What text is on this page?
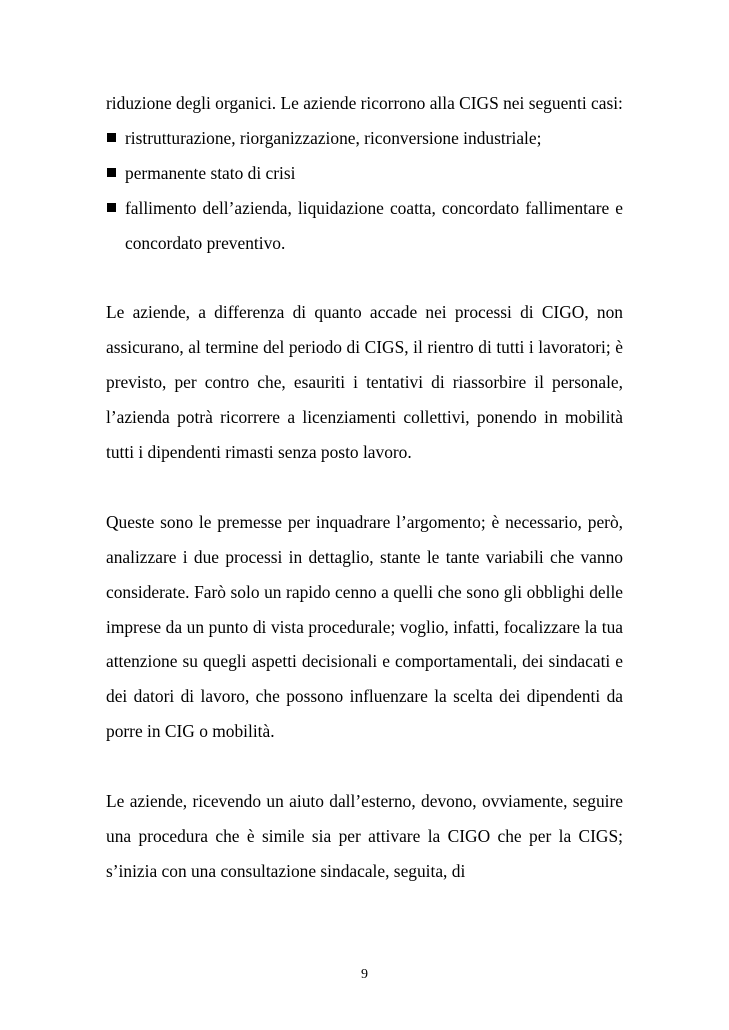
riduzione degli organici. Le aziende ricorrono alla CIGS nei seguenti casi:

ristrutturazione, riorganizzazione, riconversione industriale;
permanente stato di crisi
fallimento dell’azienda, liquidazione coatta, concordato fallimentare e concordato preventivo.

Le aziende, a differenza di quanto accade nei processi di CIGO, non assicurano, al termine del periodo di CIGS, il rientro di tutti i lavoratori; è previsto, per contro che, esauriti i tentativi di riassorbire il personale, l’azienda potrà ricorrere a licenziamenti collettivi, ponendo in mobilità tutti i dipendenti rimasti senza posto lavoro.

Queste sono le premesse per inquadrare l’argomento; è necessario, però, analizzare i due processi in dettaglio, stante le tante variabili che vanno considerate. Farò solo un rapido cenno a quelli che sono gli obblighi delle imprese da un punto di vista procedurale; voglio, infatti, focalizzare la tua attenzione su quegli aspetti decisionali e comportamentali, dei sindacati e dei datori di lavoro, che possono influenzare la scelta dei dipendenti da porre in CIG o mobilità.

Le aziende, ricevendo un aiuto dall’esterno, devono, ovviamente, seguire una procedura che è simile sia per attivare la CIGO che per la CIGS; s’inizia con una consultazione sindacale, seguita, di

9
